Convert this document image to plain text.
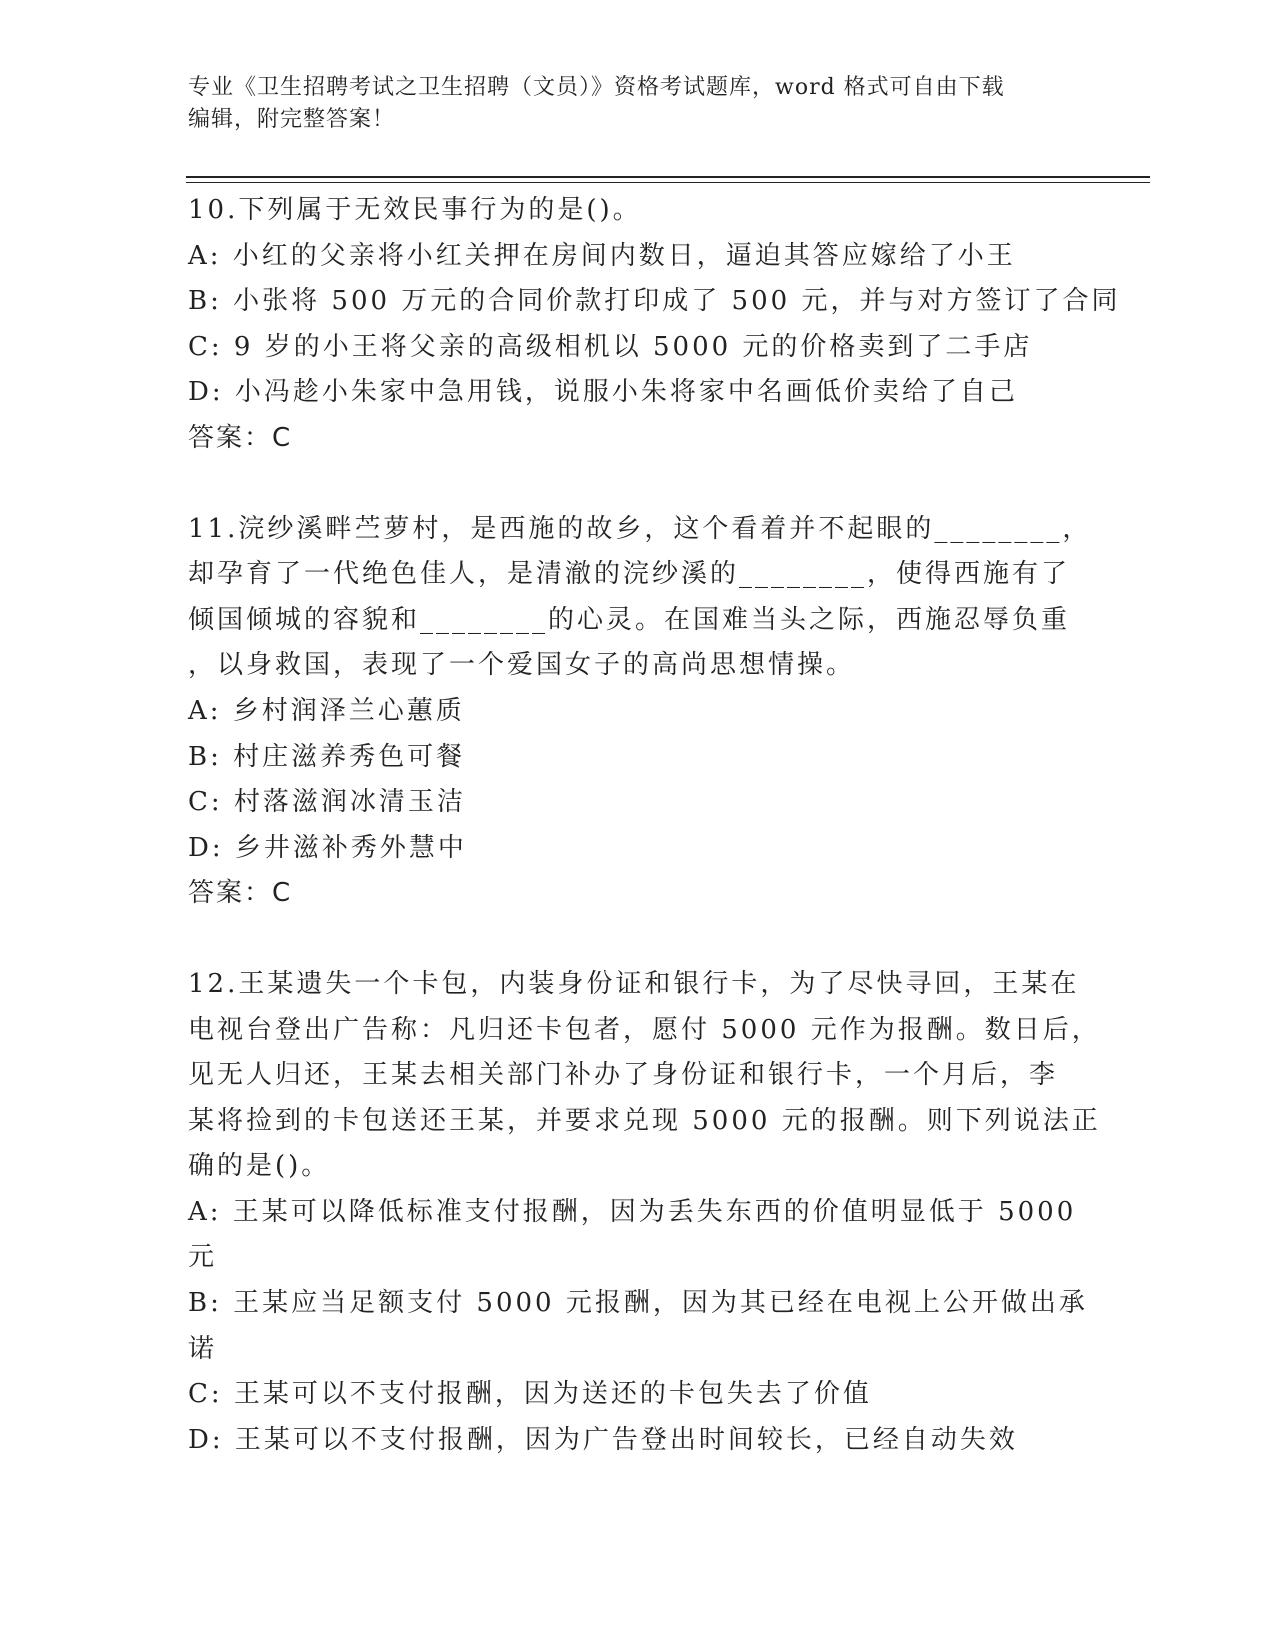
专业《卫生招聘考试之卫生招聘（文员）》资格考试题库，word 格式可自由下载
编辑，附完整答案！
10.下列属于无效民事行为的是()。
A: 小红的父亲将小红关押在房间内数日，逼迫其答应嫁给了小王
B: 小张将 500 万元的合同价款打印成了 500 元，并与对方签订了合同
C: 9 岁的小王将父亲的高级相机以 5000 元的价格卖到了二手店
D: 小冯趁小朱家中急用钱，说服小朱将家中名画低价卖给了自己
答案：C
11.浣纱溪畔苎萝村，是西施的故乡，这个看着并不起眼的________，
却孕育了一代绝色佳人，是清澈的浣纱溪的________，使得西施有了
倾国倾城的容貌和________的心灵。在国难当头之际，西施忍辱负重
，以身救国，表现了一个爱国女子的高尚思想情操。
A: 乡村润泽兰心蕙质
B: 村庄滋养秀色可餐
C: 村落滋润冰清玉洁
D: 乡井滋补秀外慧中
答案：C
12.王某遗失一个卡包，内装身份证和银行卡，为了尽快寻回，王某在
电视台登出广告称：凡归还卡包者，愿付 5000 元作为报酬。数日后，
见无人归还，王某去相关部门补办了身份证和银行卡，一个月后，李
某将捡到的卡包送还王某，并要求兑现 5000 元的报酬。则下列说法正
确的是()。
A: 王某可以降低标准支付报酬，因为丢失东西的价值明显低于 5000
元
B: 王某应当足额支付 5000 元报酬，因为其已经在电视上公开做出承
诺
C: 王某可以不支付报酬，因为送还的卡包失去了价值
D: 王某可以不支付报酬，因为广告登出时间较长，已经自动失效
